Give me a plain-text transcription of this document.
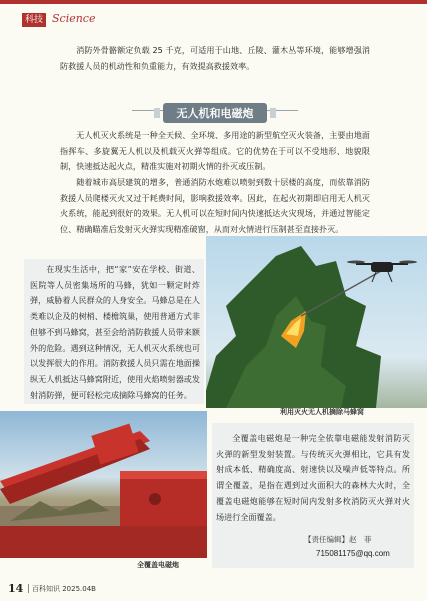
科技 Science

消防外骨骼额定负载 25 千克，可适用于山地、丘陵、灌木丛等环境，能够增强消防救援人员的机动性和负重能力，有效提高救援效率。

无人机和电磁炮

无人机灭火系统是一种全天候、全环境、多用途的新型航空灭火装备，主要由地面指挥车、多旋翼无人机以及机载灭火弹等组成。它的优势在于可以不受地形、地貌限制，快速抵达起火点，精准实施对初期火情的扑灭或压制。

随着城市高层建筑的增多，普通消防水炮难以喷射到数十层楼的高度，而依靠消防救援人员爬楼灭火又过于耗费时间，影响救援效率。因此，在起火初期即启用无人机灭火系统，能起到很好的效果。无人机可以在短时间内快速抵达火灾现场，并通过智能定位、精确瞄准后发射灭火弹实现精准破窗，从而对火情进行压制甚至直接扑灭。

在现实生活中，把“家”安在学校、街道、医院等人员密集场所的马蜂，犹如一颗定时炸弹，威胁着人民群众的人身安全。马蜂总是在人类难以企及的树梢、楼檐筑巢，使用普通方式非但够不到马蜂窝，甚至会给消防救援人员带来额外的危险。遇到这种情况，无人机灭火系统也可以发挥很大的作用。消防救援人员只需在地面操纵无人机抵达马蜂窝附近，使用火焰喷射器或发射消防弹，便可轻松完成摘除马蜂窝的任务。

利用灭火无人机摘除马蜂窝
全覆盖电磁炮

全覆盖电磁炮是一种完全依靠电磁能发射消防灭火弹的新型发射装置。与传统灭火弹相比，它具有发射成本低、精确度高、射速快以及噪声低等特点。所谓全覆盖，是指在遇到过火面积大的森林大火时，全覆盖电磁炮能够在短时间内发射多枚消防灭火弹对火场进行全面覆盖。

【责任编辑】赵　菲
715081175@qq.com
14 百科知识 2025.04B
